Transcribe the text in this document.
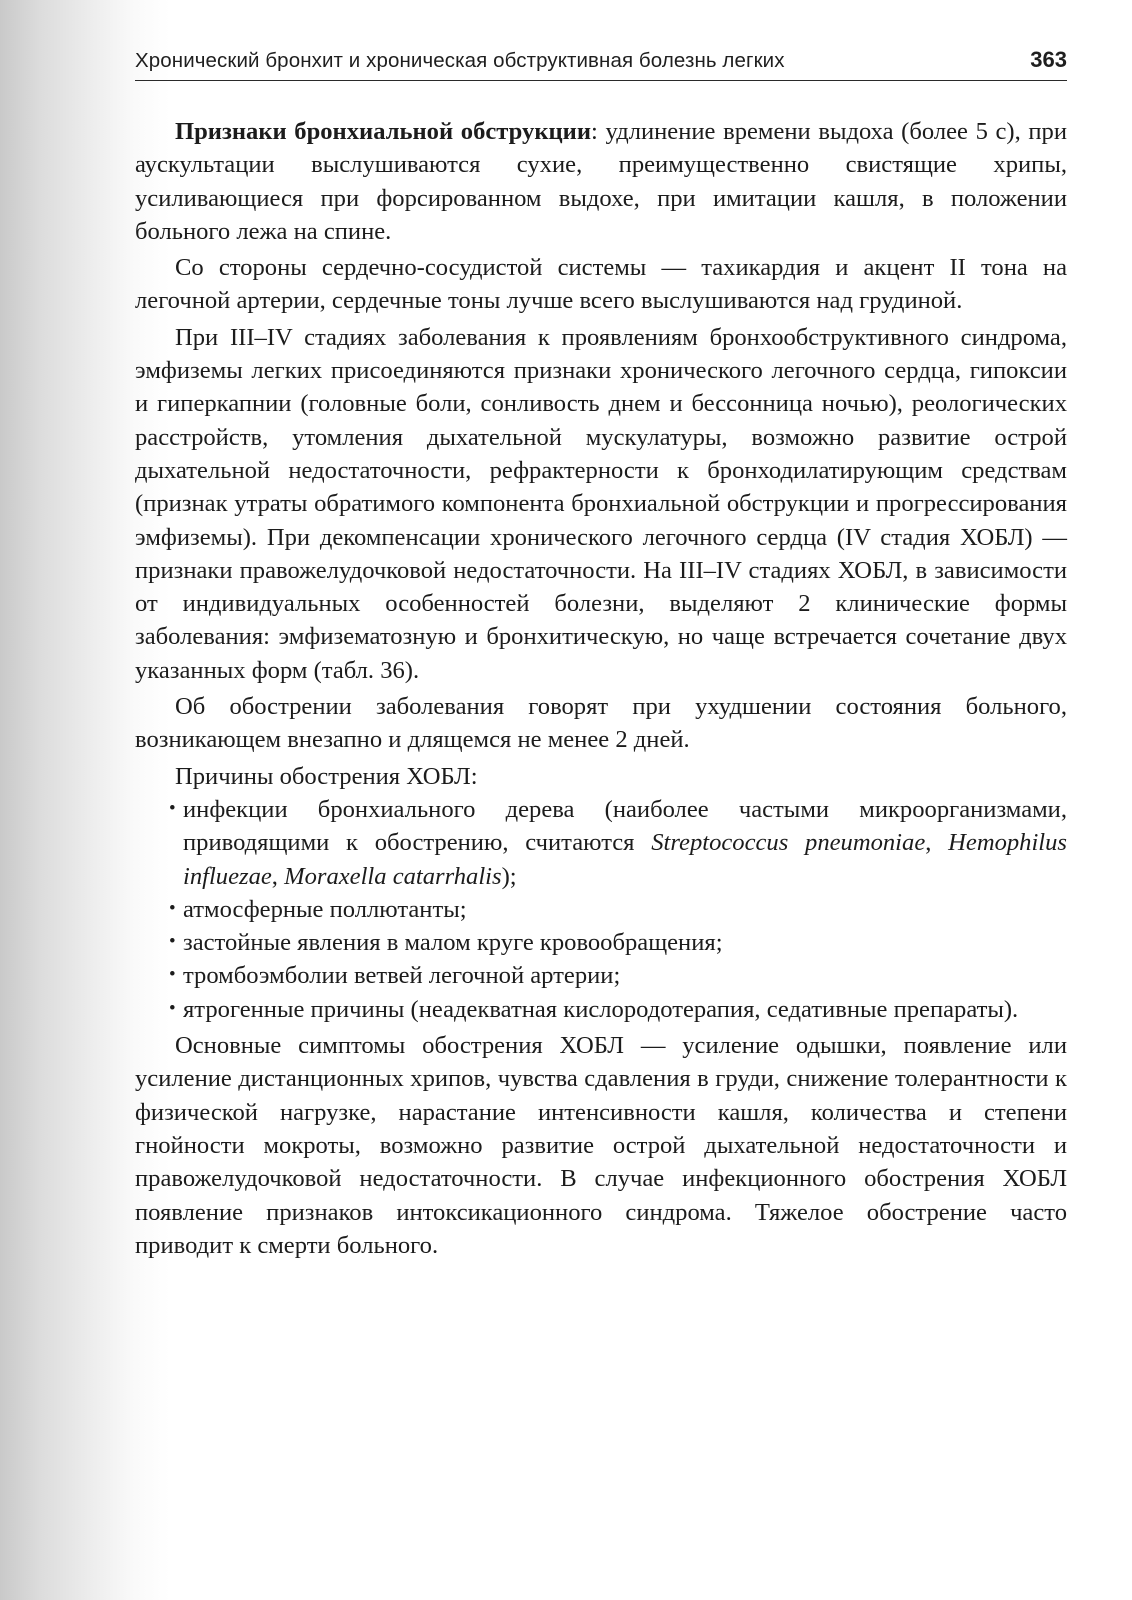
Хронический бронхит и хроническая обструктивная болезнь легких	363

Признаки бронхиальной обструкции: удлинение времени выдоха (более 5 с), при аускультации выслушиваются сухие, преимущественно свистящие хрипы, усиливающиеся при форсированном выдохе, при имитации кашля, в положении больного лежа на спине.

Со стороны сердечно-сосудистой системы — тахикардия и акцент II тона на легочной артерии, сердечные тоны лучше всего выслушиваются над грудиной.

При III–IV стадиях заболевания к проявлениям бронхообструктивного синдрома, эмфиземы легких присоединяются признаки хронического легочного сердца, гипоксии и гиперкапнии (головные боли, сонливость днем и бессонница ночью), реологических расстройств, утомления дыхательной мускулатуры, возможно развитие острой дыхательной недостаточности, рефрактерности к бронходилатирующим средствам (признак утраты обратимого компонента бронхиальной обструкции и прогрессирования эмфиземы). При декомпенсации хронического легочного сердца (IV стадия ХОБЛ) — признаки правожелудочковой недостаточности. На III–IV стадиях ХОБЛ, в зависимости от индивидуальных особенностей болезни, выделяют 2 клинические формы заболевания: эмфизематозную и бронхитическую, но чаще встречается сочетание двух указанных форм (табл. 36).

Об обострении заболевания говорят при ухудшении состояния больного, возникающем внезапно и длящемся не менее 2 дней.

Причины обострения ХОБЛ:

• инфекции бронхиального дерева (наиболее частыми микроорганизмами, приводящими к обострению, считаются Streptococcus pneumoniae, Hemophilus influezae, Moraxella catarrhalis);
• атмосферные поллютанты;
• застойные явления в малом круге кровообращения;
• тромбоэмболии ветвей легочной артерии;
• ятрогенные причины (неадекватная кислородотерапия, седативные препараты).

Основные симптомы обострения ХОБЛ — усиление одышки, появление или усиление дистанционных хрипов, чувства сдавления в груди, снижение толерантности к физической нагрузке, нарастание интенсивности кашля, количества и степени гнойности мокроты, возможно развитие острой дыхательной недостаточности и правожелудочковой недостаточности. В случае инфекционного обострения ХОБЛ появление признаков интоксикационного синдрома. Тяжелое обострение часто приводит к смерти больного.
